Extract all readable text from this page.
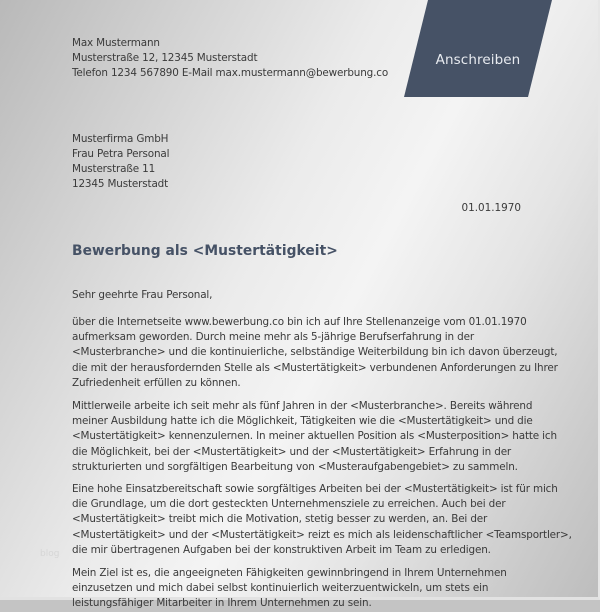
Max Mustermann
Musterstraße 12, 12345 Musterstadt
Telefon 1234 567890 E-Mail max.mustermann@bewerbung.co
Anschreiben
Musterfirma GmbH
Frau Petra Personal
Musterstraße 11
12345 Musterstadt
01.01.1970
Bewerbung als <Mustertätigkeit>
Sehr geehrte Frau Personal,
über die Internetseite www.bewerbung.co bin ich auf Ihre Stellenanzeige vom 01.01.1970
aufmerksam geworden. Durch meine mehr als 5-jährige Berufserfahrung in der
<Musterbranche> und die kontinuierliche, selbständige Weiterbildung bin ich davon überzeugt,
die mit der herausfordernden Stelle als <Mustertätigkeit> verbundenen Anforderungen zu Ihrer
Zufriedenheit erfüllen zu können.
Mittlerweile arbeite ich seit mehr als fünf Jahren in der <Musterbranche>. Bereits während
meiner Ausbildung hatte ich die Möglichkeit, Tätigkeiten wie die <Mustertätigkeit> und die
<Mustertätigkeit> kennenzulernen. In meiner aktuellen Position als <Musterposition> hatte ich
die Möglichkeit, bei der <Mustertätigkeit> und der <Mustertätigkeit> Erfahrung in der
strukturierten und sorgfältigen Bearbeitung von <Musteraufgabengebiet> zu sammeln.
Eine hohe Einsatzbereitschaft sowie sorgfältiges Arbeiten bei der <Mustertätigkeit> ist für mich
die Grundlage, um die dort gesteckten Unternehmensziele zu erreichen. Auch bei der
<Mustertätigkeit> treibt mich die Motivation, stetig besser zu werden, an. Bei der
<Mustertätigkeit> und der <Mustertätigkeit> reizt es mich als leidenschaftlicher <Teamsportler>,
die mir übertragenen Aufgaben bei der konstruktiven Arbeit im Team zu erledigen.
blog
Mein Ziel ist es, die angeeigneten Fähigkeiten gewinnbringend in Ihrem Unternehmen
einzusetzen und mich dabei selbst kontinuierlich weiterzuentwickeln, um stets ein
leistungsfähiger Mitarbeiter in Ihrem Unternehmen zu sein.
